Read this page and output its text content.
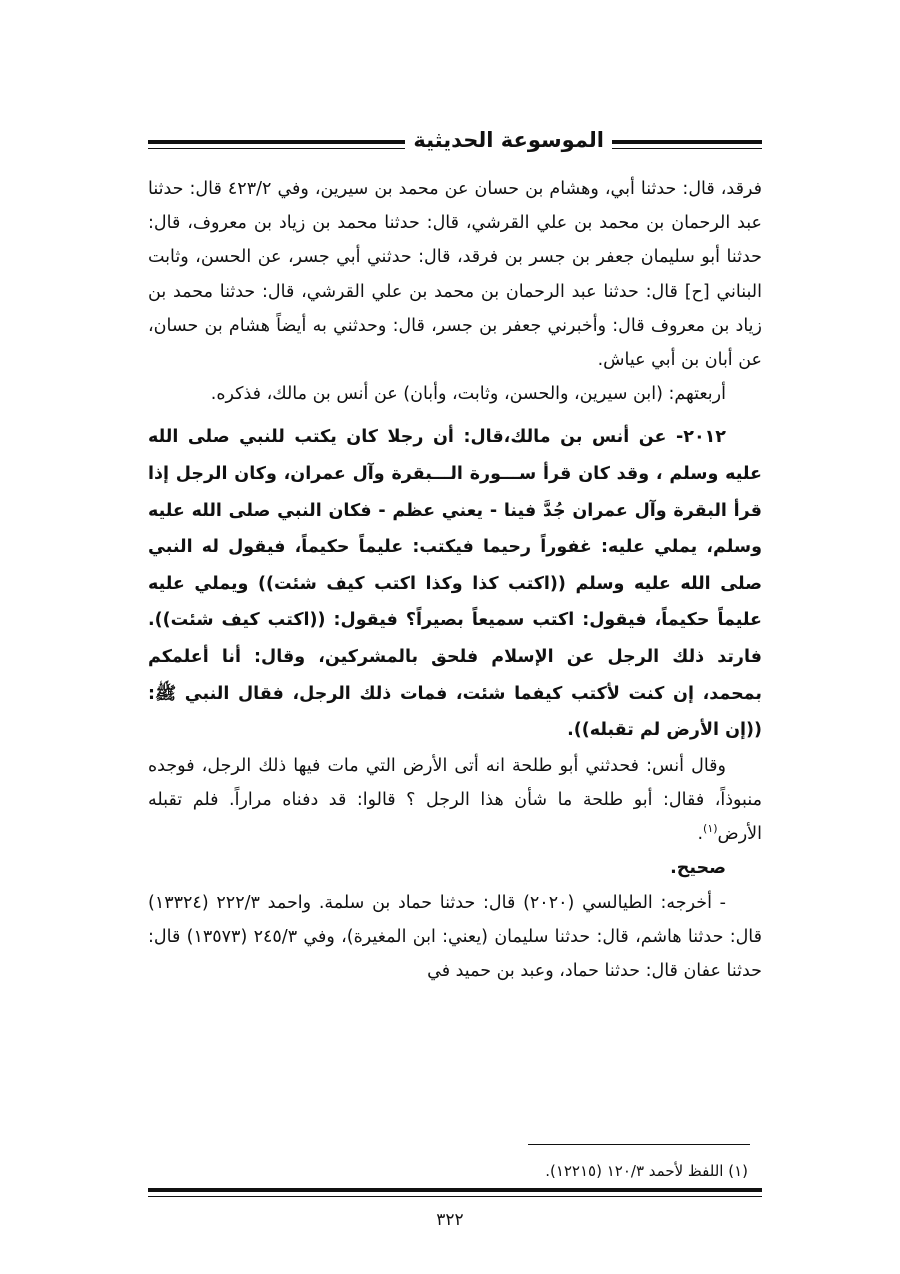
الموسوعة الحديثية

فرقد، قال: حدثنا أبي، وهشام بن حسان عن محمد بن سيرين، وفي ٤٢٣/٢ قال: حدثنا عبد الرحمان بن محمد بن علي القرشي، قال: حدثنا محمد بن زياد بن معروف، قال: حدثنا أبو سليمان جعفر بن جسر بن فرقد، قال: حدثني أبي جسر، عن الحسن، وثابت البناني [ح] قال: حدثنا عبد الرحمان بن محمد بن علي القرشي، قال: حدثنا محمد بن زياد بن معروف قال: وأخبرني جعفر بن جسر، قال: وحدثني به أيضاً هشام بن حسان، عن أبان بن أبي عياش.

أربعتهم: (ابن سيرين، والحسن، وثابت، وأبان) عن أنس بن مالك، فذكره.

٢٠١٢- عن أنس بن مالك،قال: أن رجلا كان يكتب للنبي صلى الله عليه وسلم ، وقد كان قرأ ســـورة الـــبقرة وآل عمران، وكان الرجل إذا قرأ البقرة وآل عمران جُدَّ فينا - يعني عظم - فكان النبي صلى الله عليه وسلم، يملي عليه: غفوراً رحيما فيكتب: عليماً حكيماً، فيقول له النبي صلى الله عليه وسلم ((اكتب كذا وكذا اكتب كيف شئت)) ويملي عليه عليماً حكيماً، فيقول: اكتب سميعاً بصيراً؟ فيقول: ((اكتب كيف شئت)). فارتد ذلك الرجل عن الإسلام فلحق بالمشركين، وقال: أنا أعلمكم بمحمد، إن كنت لأكتب كيفما شئت، فمات ذلك الرجل، فقال النبي ﷺ: ((إن الأرض لم تقبله)).

وقال أنس: فحدثني أبو طلحة انه أتى الأرض التي مات فيها ذلك الرجل، فوجده منبوذاً، فقال: أبو طلحة ما شأن هذا الرجل ؟ قالوا: قد دفناه مراراً. فلم تقبله الأرض$^{(١)}$.

صحيح.

- أخرجه: الطيالسي (٢٠٢٠) قال: حدثنا حماد بن سلمة. واحمد ٢٢٢/٣ (١٣٣٢٤) قال: حدثنا هاشم، قال: حدثنا سليمان (يعني: ابن المغيرة)، وفي ٢٤٥/٣ (١٣٥٧٣) قال: حدثنا عفان قال: حدثنا حماد، وعبد بن حميد في

(١) اللفظ لأحمد ١٢٠/٣ (١٢٢١٥).
٣٢٢
